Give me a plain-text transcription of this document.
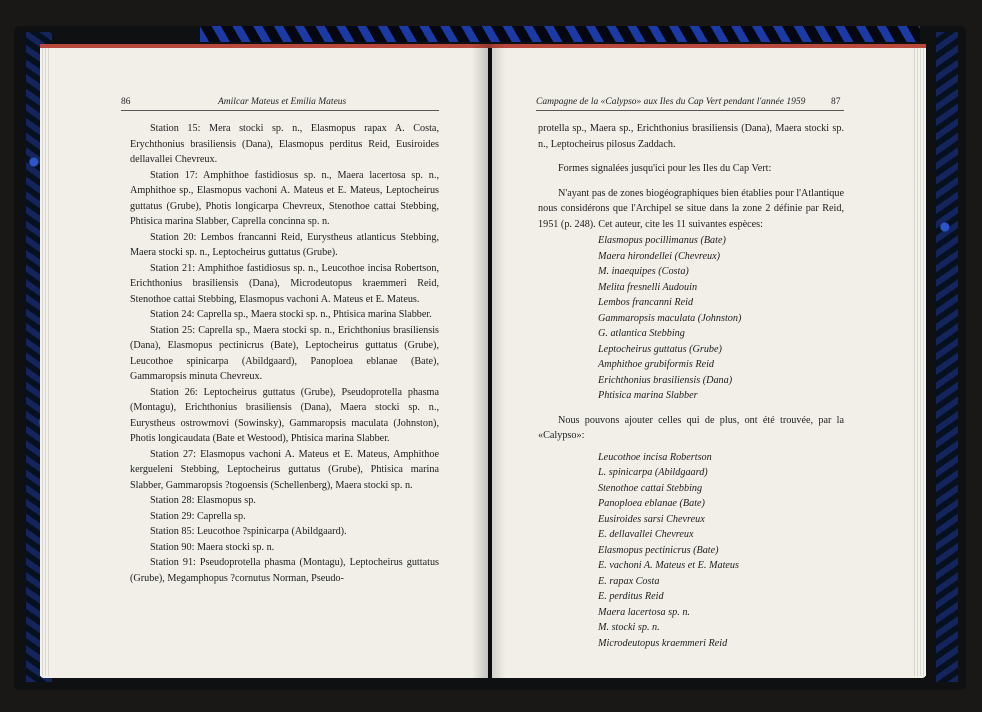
86	Amilcar Mateus et Emilia Mateus

Station 15: Mera stocki sp. n., Elasmopus rapax A. Costa, Erychthonius brasiliensis (Dana), Elasmopus perditus Reid, Eusiroides dellavallei Chevreux.

Station 17: Amphithoe fastidiosus sp. n., Maera lacertosa sp. n., Amphithoe sp., Elasmopus vachoni A. Mateus et E. Mateus, Leptocheirus guttatus (Grube), Photis longicarpa Chevreux, Stenothoe cattai Stebbing, Phtisica marina Slabber, Caprella concinna sp. n.

Station 20: Lembos francanni Reid, Eurystheus atlanticus Stebbing, Maera stocki sp. n., Leptocheirus guttatus (Grube).

Station 21: Amphithoe fastidiosus sp. n., Leucothoe incisa Robertson, Erichthonius brasiliensis (Dana), Microdeutopus kraemmeri Reid, Stenothoe cattai Stebbing, Elasmopus vachoni A. Mateus et E. Mateus.

Station 24: Caprella sp., Maera stocki sp. n., Phtisica marina Slabber.

Station 25: Caprella sp., Maera stocki sp. n., Erichthonius brasiliensis (Dana), Elasmopus pectinicrus (Bate), Leptocheirus guttatus (Grube), Leucothoe spinicarpa (Abildgaard), Panoploea eblanae (Bate), Gammaropsis minuta Chevreux.

Station 26: Leptocheirus guttatus (Grube), Pseudoprotella phasma (Montagu), Erichthonius brasiliensis (Dana), Maera stocki sp. n., Eurystheus ostrowmovi (Sowinsky), Gammaropsis maculata (Johnston), Photis longicaudata (Bate et Westood), Phtisica marina Slabber.

Station 27: Elasmopus vachoni A. Mateus et E. Mateus, Amphithoe kergueleni Stebbing, Leptocheirus guttatus (Grube), Phtisica marina Slabber, Gammaropsis ?togoensis (Schellenberg), Maera stocki sp. n.

Station 28: Elasmopus sp.

Station 29: Caprella sp.

Station 85: Leucothoe ?spinicarpa (Abildgaard).

Station 90: Maera stocki sp. n.

Station 91: Pseudoprotella phasma (Montagu), Leptocheirus guttatus (Grube), Megamphopus ?cornutus Norman, Pseudo-

Campagne de la «Calypso» aux Iles du Cap Vert pendant l'année 1959	87

protella sp., Maera sp., Erichthonius brasiliensis (Dana), Maera stocki sp. n., Leptocheirus pilosus Zaddach.

Formes signalées jusqu'ici pour les Iles du Cap Vert:

N'ayant pas de zones biogéographiques bien établies pour l'Atlantique nous considérons que l'Archipel se situe dans la zone 2 définie par Reid, 1951 (p. 248). Cet auteur, cite les 11 suivantes espèces:

Elasmopus pocillimanus (Bate)
Maera hirondellei (Chevreux)
M. inaequipes (Costa)
Melita fresnelli Audouin
Lembos francanni Reid
Gammaropsis maculata (Johnston)
G. atlantica Stebbing
Leptocheirus guttatus (Grube)
Amphithoe grubiformis Reid
Erichthonius brasiliensis (Dana)
Phtisica marina Slabber

Nous pouvons ajouter celles qui de plus, ont été trouvée, par la «Calypso»:

Leucothoe incisa Robertson
L. spinicarpa (Abildgaard)
Stenothoe cattai Stebbing
Panoploea eblanae (Bate)
Eusiroides sarsi Chevreux
E. dellavallei Chevreux
Elasmopus pectinicrus (Bate)
E. vachoni A. Mateus et E. Mateus
E. rapax Costa
E. perditus Reid
Maera lacertosa sp. n.
M. stocki sp. n.
Microdeutopus kraemmeri Reid
